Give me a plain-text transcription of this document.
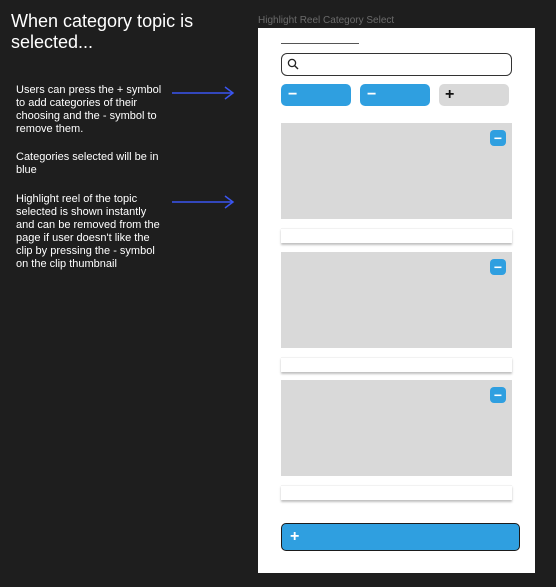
When category topic is selected...
Users can press the + symbol to add categories of their choosing and the - symbol to remove them.
Categories selected will be in blue
Highlight reel of the topic selected is shown instantly and can be removed from the page if user doesn't like the clip by pressing the - symbol on the clip thumbnail
Highlight Reel Category Select
−	−	+
−
−
−
+
